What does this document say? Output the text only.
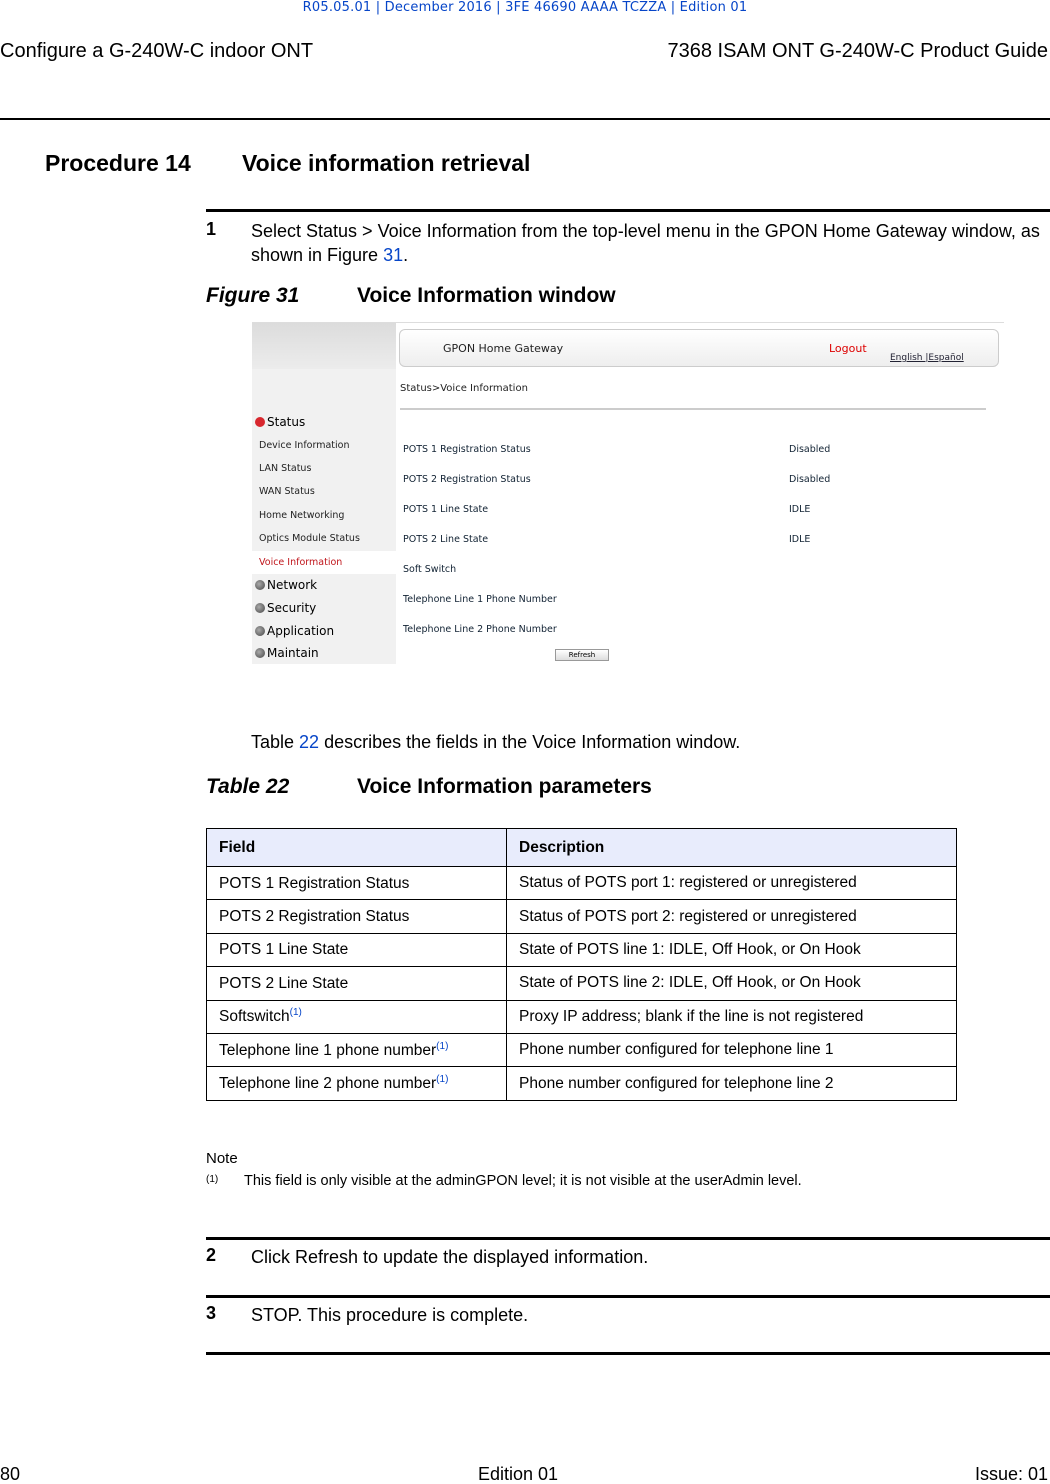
R05.05.01 | December 2016 | 3FE 46690 AAAA TCZZA | Edition 01
Configure a G-240W-C indoor ONT	7368 ISAM ONT G-240W-C Product Guide
Procedure 14 Voice information retrieval
1 Select Status > Voice Information from the top-level menu in the GPON Home Gateway window, as shown in Figure 31.
Figure 31	Voice Information window
Status
Device Information
LAN Status
WAN Status
Home Networking
Optics Module Status
Voice Information
Network
Security
Application
Maintain
GPON Home Gateway	Logout
English |Español
Status>Voice Information
POTS 1 Registration Status	Disabled
POTS 2 Registration Status	Disabled
POTS 1 Line State	IDLE
POTS 2 Line State	IDLE
Soft Switch
Telephone Line 1 Phone Number
Telephone Line 2 Phone Number
Refresh
Table 22 describes the fields in the Voice Information window.
Table 22	Voice Information parameters
Field	Description
POTS 1 Registration Status	Status of POTS port 1: registered or unregistered
POTS 2 Registration Status	Status of POTS port 2: registered or unregistered
POTS 1 Line State	State of POTS line 1: IDLE, Off Hook, or On Hook
POTS 2 Line State	State of POTS line 2: IDLE, Off Hook, or On Hook
Softswitch$^{(1)}$	Proxy IP address; blank if the line is not registered
Telephone line 1 phone number$^{(1)}$	Phone number configured for telephone line 1
Telephone line 2 phone number$^{(1)}$	Phone number configured for telephone line 2
Note
(1) This field is only visible at the adminGPON level; it is not visible at the userAdmin level.
2 Click Refresh to update the displayed information.
3 STOP. This procedure is complete.
80	Edition 01	Issue: 01
